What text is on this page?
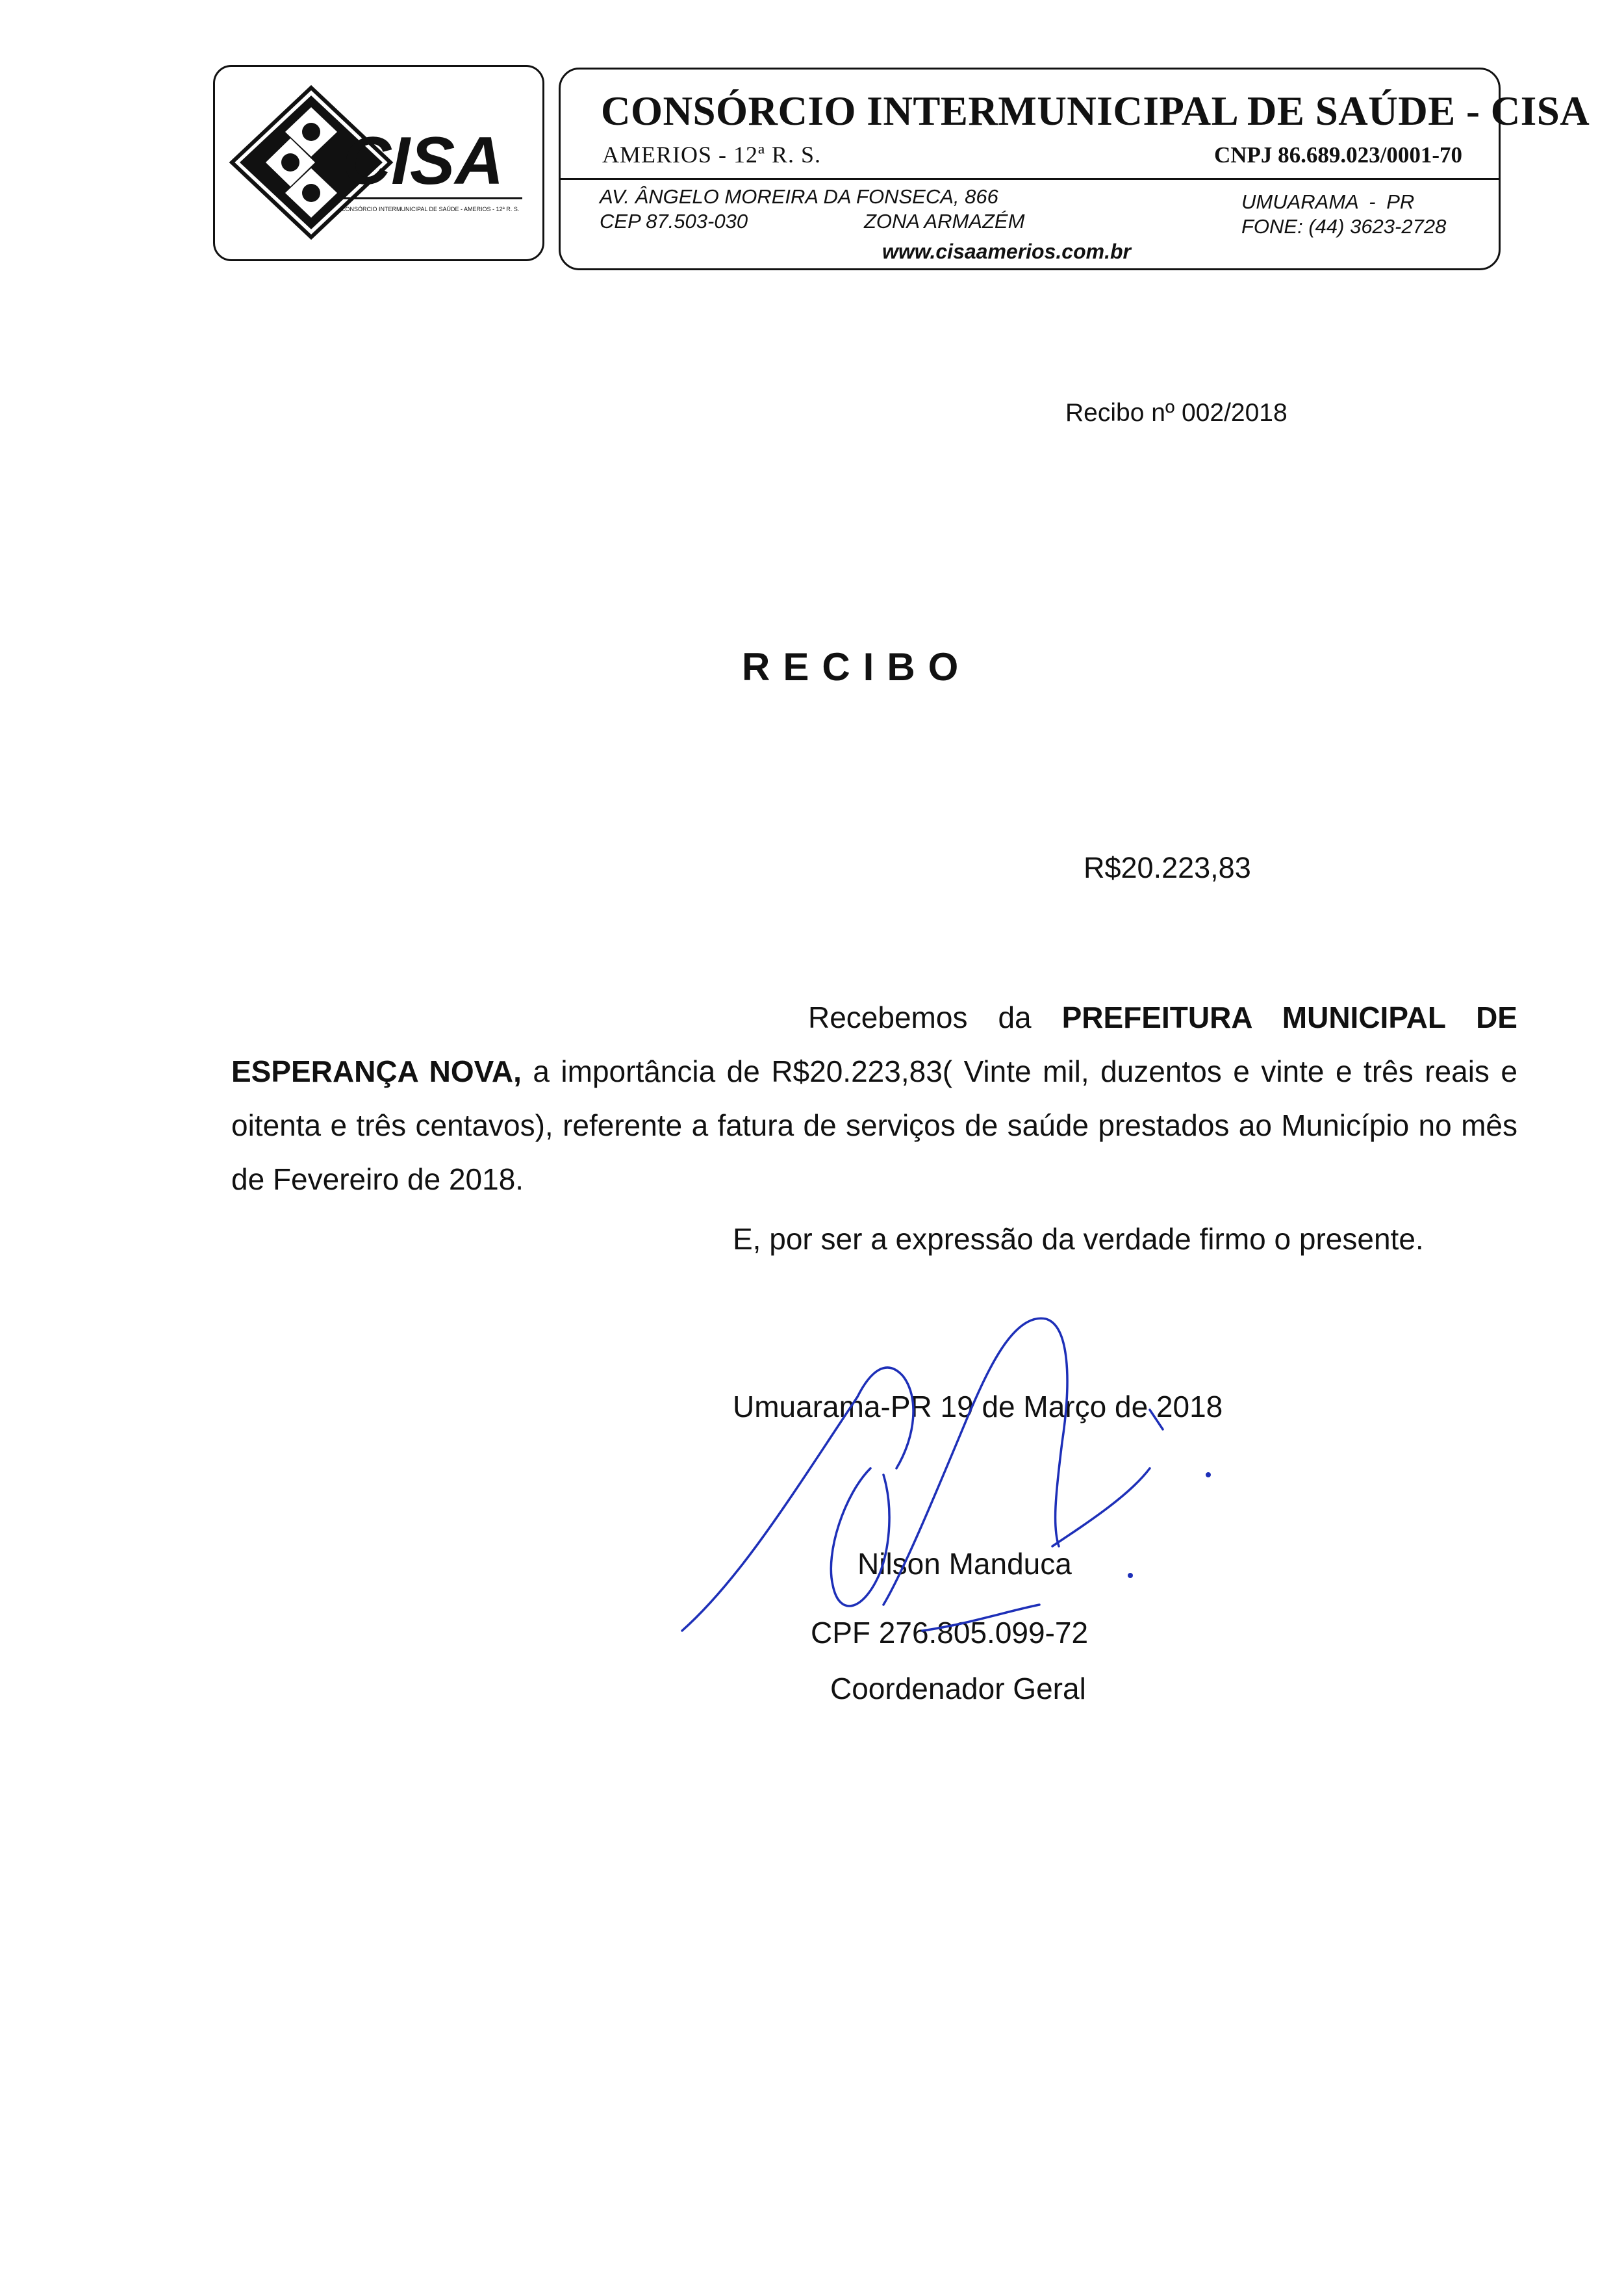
CISA
CONSÓRCIO INTERMUNICIPAL DE SAÚDE - AMERIOS - 12ª R. S.
CONSÓRCIO INTERMUNICIPAL DE SAÚDE - CISA
AMERIOS - 12ª R. S.	CNPJ 86.689.023/0001-70
AV. ÂNGELO MOREIRA DA FONSECA, 866
CEP 87.503-030	ZONA ARMAZÉM
UMUARAMA - PR
FONE: (44) 3623-2728
www.cisaamerios.com.br
Recibo nº 002/2018
RECIBO
R$20.223,83

Recebemos da PREFEITURA MUNICIPAL DE ESPERANÇA NOVA, a importância de R$20.223,83( Vinte mil, duzentos e vinte e três reais e oitenta e três centavos), referente a fatura de serviços de saúde prestados ao Município no mês de Fevereiro de 2018.

E, por ser a expressão da verdade firmo o presente.
Umuarama-PR 19 de Março de 2018
Nilson Manduca
CPF 276.805.099-72
Coordenador Geral
